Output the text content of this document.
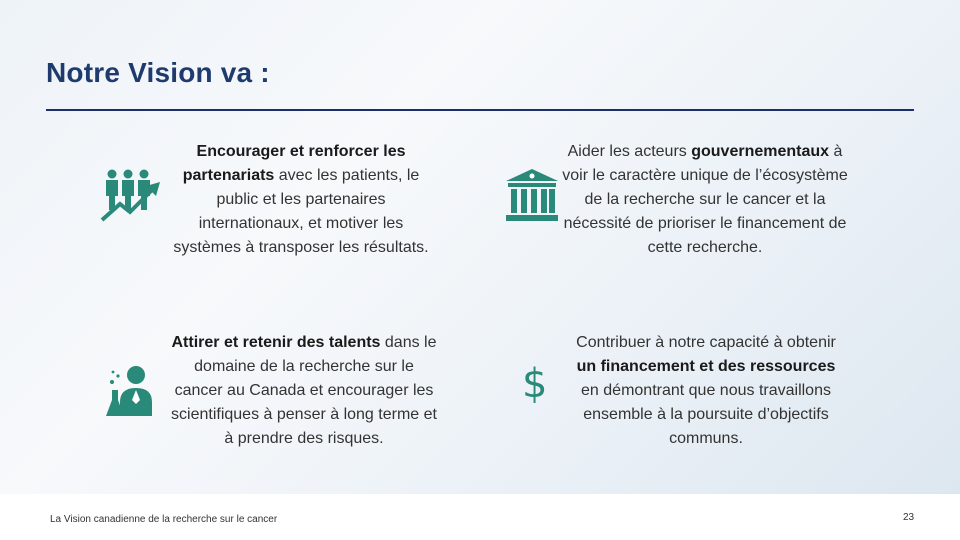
Notre Vision va :
$
Encourager et renforcer les partenariats avec les patients, le public et les partenaires internationaux, et motiver les systèmes à transposer les résultats.
Aider les acteurs gouvernementaux à voir le caractère unique de l’écosystème de la recherche sur le cancer et la nécessité de prioriser le financement de cette recherche.
Attirer et retenir des talents dans le domaine de la recherche sur le cancer au Canada et encourager les scientifiques à penser à long terme et à prendre des risques.
Contribuer à notre capacité à obtenir un financement et des ressources en démontrant que nous travaillons ensemble à la poursuite d’objectifs communs.
La Vision canadienne de la recherche sur le cancer	23
